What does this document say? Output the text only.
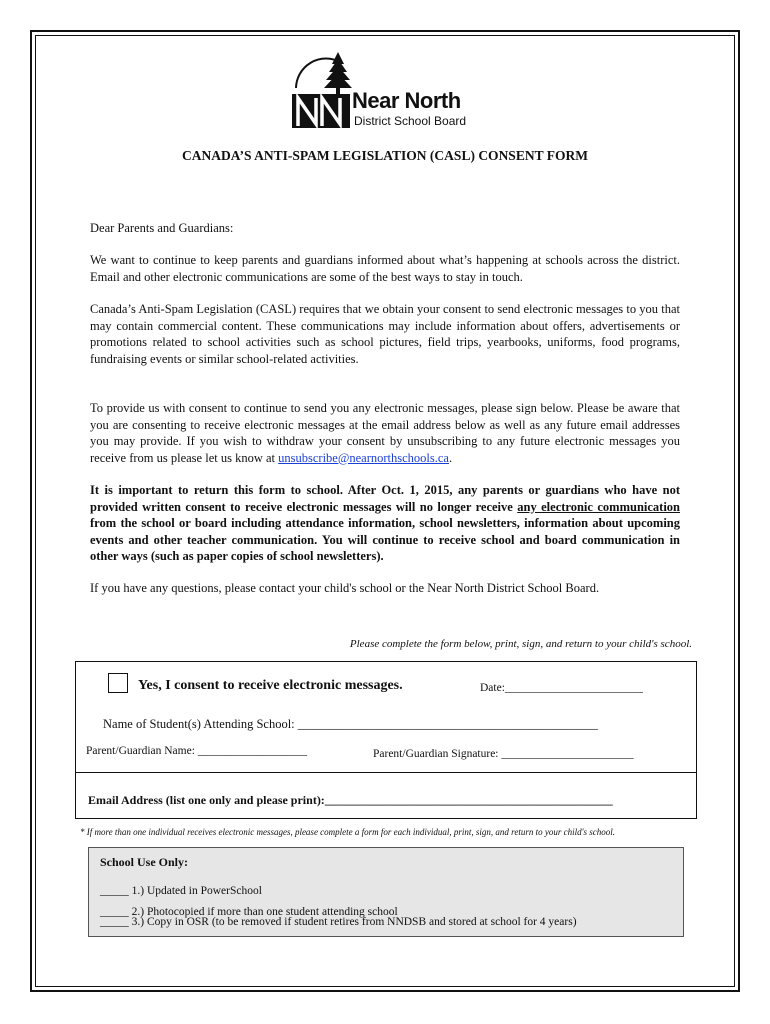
Near North
District School Board
CANADA’S ANTI-SPAM LEGISLATION (CASL) CONSENT FORM

Dear Parents and Guardians:

We want to continue to keep parents and guardians informed about what’s happening at schools across the district. Email and other electronic communications are some of the best ways to stay in touch.

Canada’s Anti-Spam Legislation (CASL) requires that we obtain your consent to send electronic messages to you that may contain commercial content. These communications may include information about offers, advertisements or promotions related to school activities such as school pictures, field trips, yearbooks, uniforms, food programs, fundraising events or similar school-related activities.

To provide us with consent to continue to send you any electronic messages, please sign below. Please be aware that you are consenting to receive electronic messages at the email address below as well as any future email addresses you may provide. If you wish to withdraw your consent by unsubscribing to any future electronic messages you receive from us please let us know at unsubscribe@nearnorthschools.ca.

It is important to return this form to school. After Oct. 1, 2015, any parents or guardians who have not provided written consent to receive electronic messages will no longer receive any electronic communication from the school or board including attendance information, school newsletters, information about upcoming events and other teacher communication. You will continue to receive school and board communication in other ways (such as paper copies of school newsletters).

If you have any questions, please contact your child's school or the Near North District School Board.

Please complete the form below, print, sign, and return to your child's school.
Yes, I consent to receive electronic messages.	Date:________________________
Name of Student(s) Attending School: ________________________________________________
Parent/Guardian Name: ___________________	Parent/Guardian Signature: _______________________
Email Address (list one only and please print):________________________________________________
* If more than one individual receives electronic messages, please complete a form for each individual, print, sign, and return to your child's school.
School Use Only:
_____ 1.) Updated in PowerSchool
_____ 2.) Photocopied if more than one student attending school
_____ 3.) Copy in OSR (to be removed if student retires from NNDSB and stored at school for 4 years)
